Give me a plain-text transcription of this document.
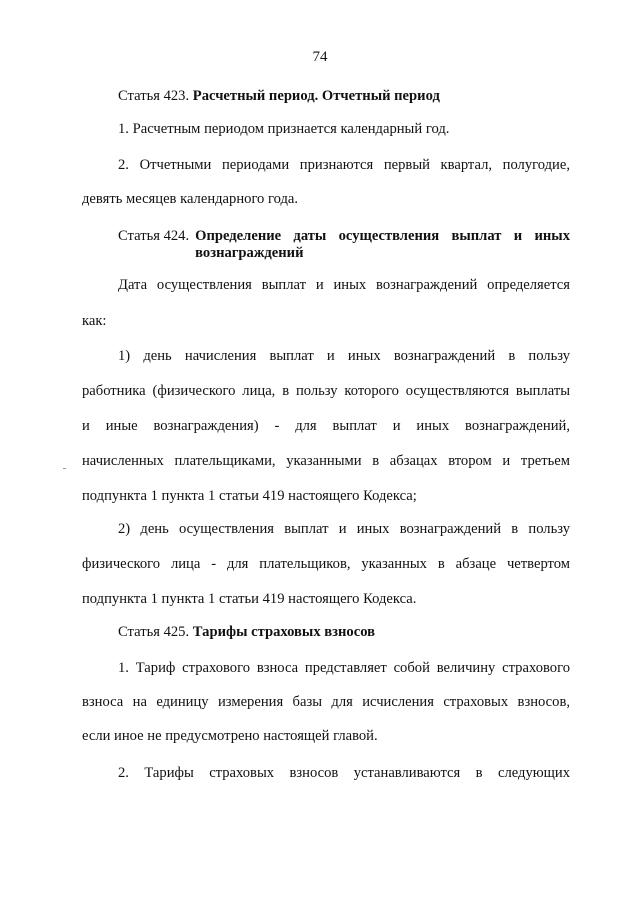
74
Статья 423. Расчетный период. Отчетный период
1. Расчетным периодом признается календарный год.
2. Отчетными периодами признаются первый квартал, полугодие,
девять месяцев календарного года.
Статья 424. Определение даты осуществления выплат и иных вознаграждений
Дата осуществления выплат и иных вознаграждений определяется
как:
1) день начисления выплат и иных вознаграждений в пользу
работника (физического лица, в пользу которого осуществляются выплаты
и иные вознаграждения) - для выплат и иных вознаграждений,
начисленных плательщиками, указанными в абзацах втором и третьем
подпункта 1 пункта 1 статьи 419 настоящего Кодекса;
2) день осуществления выплат и иных вознаграждений в пользу
физического лица - для плательщиков, указанных в абзаце четвертом
подпункта 1 пункта 1 статьи 419 настоящего Кодекса.
Статья 425. Тарифы страховых взносов
1. Тариф страхового взноса представляет собой величину страхового
взноса на единицу измерения базы для исчисления страховых взносов,
если иное не предусмотрено настоящей главой.
2. Тарифы страховых взносов устанавливаются в следующих
